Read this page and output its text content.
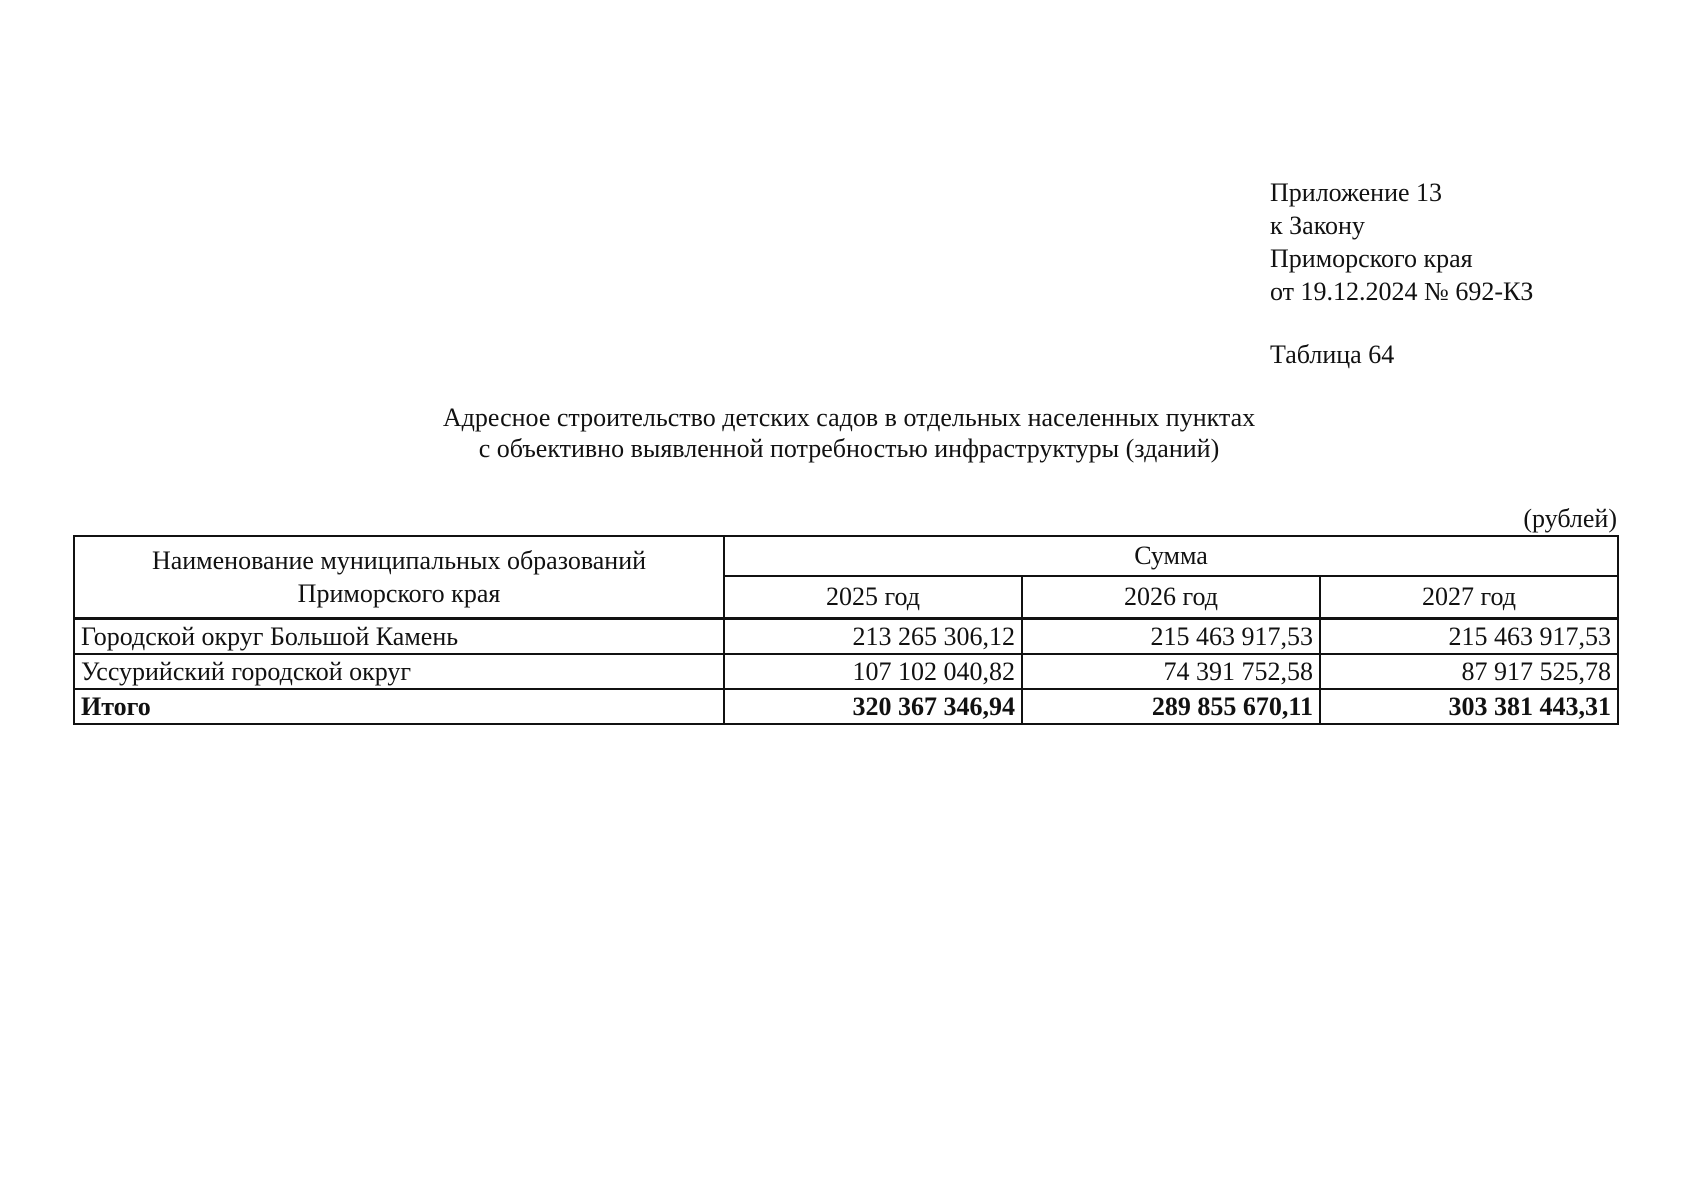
Приложение 13
к Закону
Приморского края
от 19.12.2024 № 692-КЗ
Таблица 64
Адресное строительство детских садов в отдельных населенных пунктах
с объективно выявленной потребностью инфраструктуры (зданий)
(рублей)
Наименование муниципальных образований
Приморского края	Сумма		
	2025 год	2026 год	2027 год
Городской округ Большой Камень	213 265 306,12	215 463 917,53	215 463 917,53
Уссурийский городской округ	107 102 040,82	74 391 752,58	87 917 525,78
Итого	320 367 346,94	289 855 670,11	303 381 443,31
